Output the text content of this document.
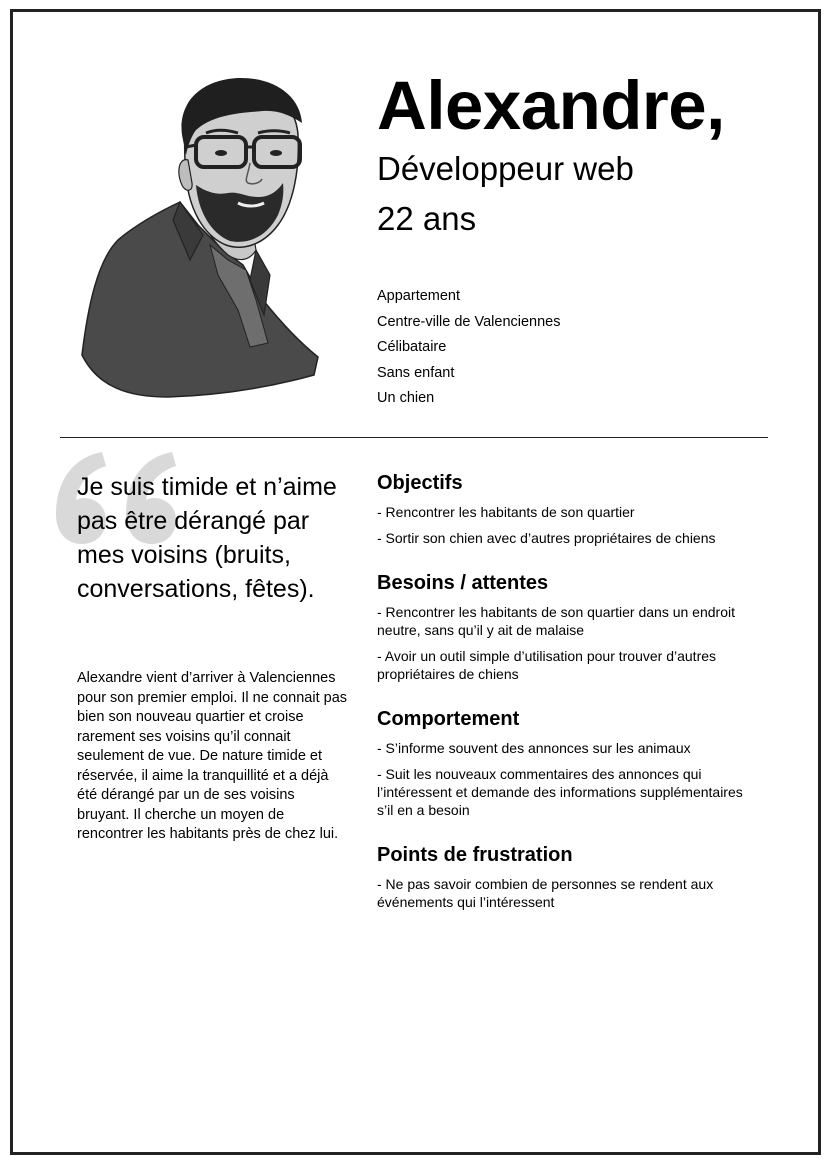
Alexandre,
Développeur web
22 ans
Appartement
Centre-ville de Valenciennes
Célibataire
Sans enfant
Un chien
Je suis timide et n’aime pas être dérangé par mes voisins (bruits, conversations, fêtes).
Alexandre vient d’arriver à Valenciennes pour son premier emploi. Il ne connait pas bien son nouveau quartier et croise rarement ses voisins qu’il connait seulement de vue. De nature timide et réservée, il aime la tranquillité et a déjà été dérangé par un de ses voisins bruyant. Il cherche un moyen de rencontrer les habitants près de chez lui.
Objectifs

- Rencontrer les habitants de son quartier

- Sortir son chien avec d’autres propriétaires de chiens

Besoins / attentes

- Rencontrer les habitants de son quartier dans un endroit neutre, sans qu’il y ait de malaise

- Avoir un outil simple d’utilisation pour trouver d’autres propriétaires de chiens

Comportement

- S’informe souvent des annonces sur les animaux

- Suit les nouveaux commentaires des annonces qui l’intéressent et demande des informations supplémentaires s’il en a besoin

Points de frustration

- Ne pas savoir combien de personnes se rendent aux événements qui l’intéressent
